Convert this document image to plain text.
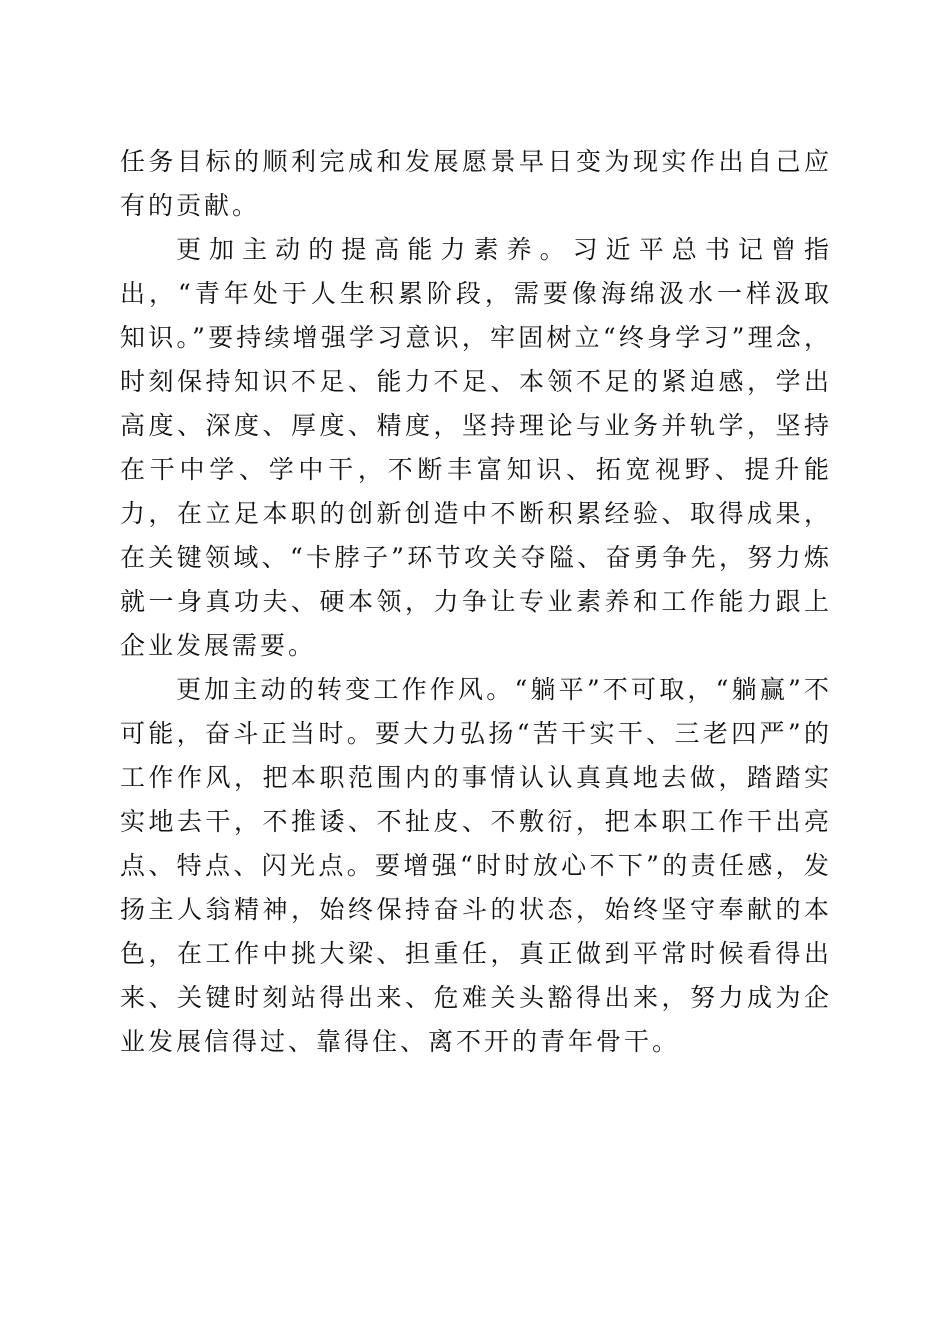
任务目标的顺利完成和发展愿景早日变为现实作出自己应有的贡献。

更加主动的提高能力素养。习近平总书记曾指出，“青年处于人生积累阶段，需要像海绵汲水一样汲取知识。”要持续增强学习意识，牢固树立“终身学习”理念，时刻保持知识不足、能力不足、本领不足的紧迫感，学出高度、深度、厚度、精度，坚持理论与业务并轨学，坚持在干中学、学中干，不断丰富知识、拓宽视野、提升能力，在立足本职的创新创造中不断积累经验、取得成果，在关键领域、“卡脖子”环节攻关夺隘、奋勇争先，努力炼就一身真功夫、硬本领，力争让专业素养和工作能力跟上企业发展需要。

更加主动的转变工作作风。“躺平”不可取，“躺赢”不可能，奋斗正当时。要大力弘扬“苦干实干、三老四严”的工作作风，把本职范围内的事情认认真真地去做，踏踏实实地去干，不推诿、不扯皮、不敷衍，把本职工作干出亮点、特点、闪光点。要增强“时时放心不下”的责任感，发扬主人翁精神，始终保持奋斗的状态，始终坚守奉献的本色，在工作中挑大梁、担重任，真正做到平常时候看得出来、关键时刻站得出来、危难关头豁得出来，努力成为企业发展信得过、靠得住、离不开的青年骨干。
